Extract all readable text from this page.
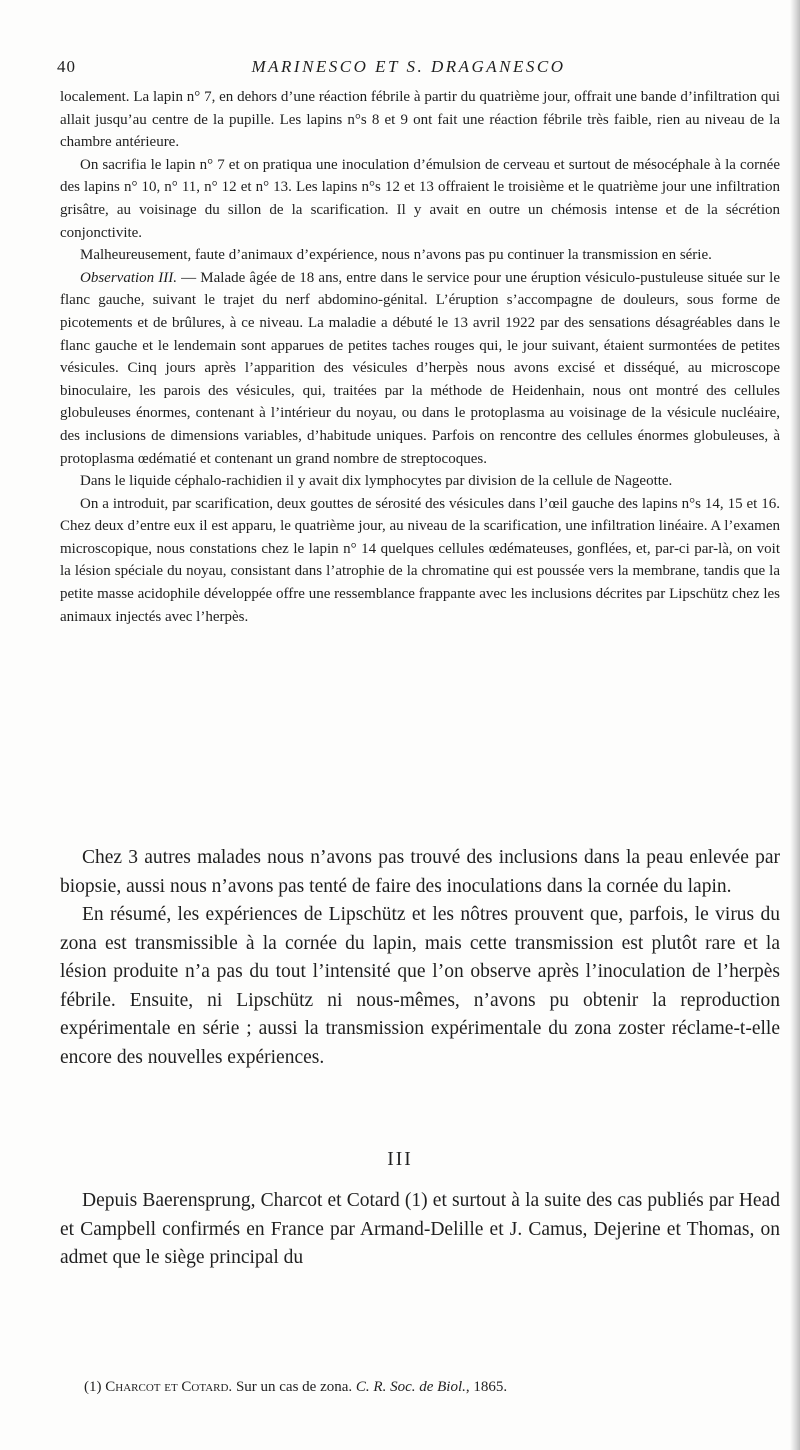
40	MARINESCO ET S. DRAGANESCO

localement. La lapin n° 7, en dehors d’une réaction fébrile à partir du quatrième jour, offrait une bande d’infiltration qui allait jusqu’au centre de la pupille. Les lapins n°s 8 et 9 ont fait une réaction fébrile très faible, rien au niveau de la chambre antérieure.

On sacrifia le lapin n° 7 et on pratiqua une inoculation d’émulsion de cerveau et surtout de mésocéphale à la cornée des lapins n° 10, n° 11, n° 12 et n° 13. Les lapins n°s 12 et 13 offraient le troisième et le quatrième jour une infiltration grisâtre, au voisinage du sillon de la scarification. Il y avait en outre un chémosis intense et de la sécrétion conjonctivite.

Malheureusement, faute d’animaux d’expérience, nous n’avons pas pu continuer la transmission en série.

Observation III. — Malade âgée de 18 ans, entre dans le service pour une éruption vésiculo-pustuleuse située sur le flanc gauche, suivant le trajet du nerf abdomino-génital. L’éruption s’accompagne de douleurs, sous forme de picotements et de brûlures, à ce niveau. La maladie a débuté le 13 avril 1922 par des sensations désagréables dans le flanc gauche et le lendemain sont apparues de petites taches rouges qui, le jour suivant, étaient surmontées de petites vésicules. Cinq jours après l’apparition des vésicules d’herpès nous avons excisé et disséqué, au microscope binoculaire, les parois des vésicules, qui, traitées par la méthode de Heidenhain, nous ont montré des cellules globuleuses énormes, contenant à l’intérieur du noyau, ou dans le protoplasma au voisinage de la vésicule nucléaire, des inclusions de dimensions variables, d’habitude uniques. Parfois on rencontre des cellules énormes globuleuses, à protoplasma œdématié et contenant un grand nombre de streptocoques.

Dans le liquide céphalo-rachidien il y avait dix lymphocytes par division de la cellule de Nageotte.

On a introduit, par scarification, deux gouttes de sérosité des vésicules dans l’œil gauche des lapins n°s 14, 15 et 16. Chez deux d’entre eux il est apparu, le quatrième jour, au niveau de la scarification, une infiltration linéaire. A l’examen microscopique, nous constations chez le lapin n° 14 quelques cellules œdémateuses, gonflées, et, par-ci par-là, on voit la lésion spéciale du noyau, consistant dans l’atrophie de la chromatine qui est poussée vers la membrane, tandis que la petite masse acidophile développée offre une ressemblance frappante avec les inclusions décrites par Lipschütz chez les animaux injectés avec l’herpès.

Chez 3 autres malades nous n’avons pas trouvé des inclusions dans la peau enlevée par biopsie, aussi nous n’avons pas tenté de faire des inoculations dans la cornée du lapin.

En résumé, les expériences de Lipschütz et les nôtres prouvent que, parfois, le virus du zona est transmissible à la cornée du lapin, mais cette transmission est plutôt rare et la lésion produite n’a pas du tout l’intensité que l’on observe après l’inoculation de l’herpès fébrile. Ensuite, ni Lipschütz ni nous-mêmes, n’avons pu obtenir la reproduction expérimentale en série ; aussi la transmission expérimentale du zona zoster réclame-t-elle encore des nouvelles expériences.

III

Depuis Baerensprung, Charcot et Cotard (1) et surtout à la suite des cas publiés par Head et Campbell confirmés en France par Armand-Delille et J. Camus, Dejerine et Thomas, on admet que le siège principal du

(1) Charcot et Cotard. Sur un cas de zona. C. R. Soc. de Biol., 1865.
